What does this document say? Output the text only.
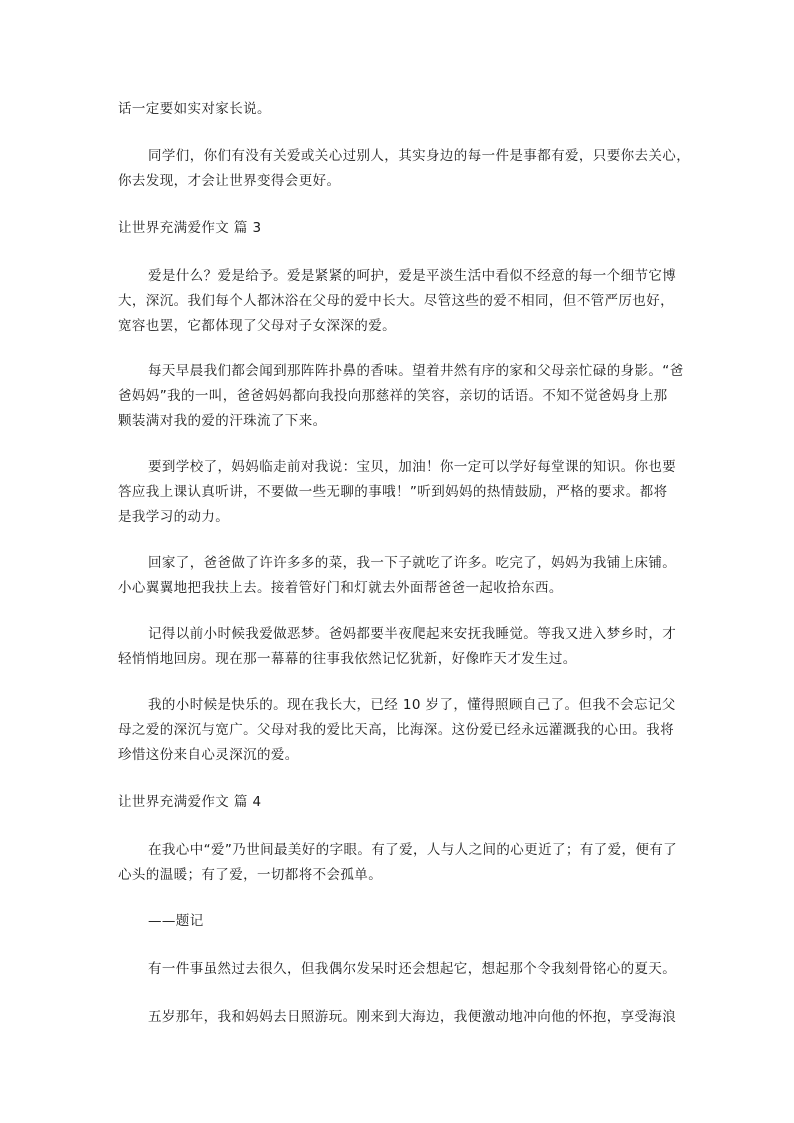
话一定要如实对家长说。
同学们，你们有没有关爱或关心过别人，其实身边的每一件是事都有爱，只要你去关心，
你去发现，才会让世界变得会更好。
让世界充满爱作文 篇 3
爱是什么？爱是给予。爱是紧紧的呵护，爱是平淡生活中看似不经意的每一个细节它博
大，深沉。我们每个人都沐浴在父母的爱中长大。尽管这些的爱不相同，但不管严厉也好，
宽容也罢，它都体现了父母对子女深深的爱。
每天早晨我们都会闻到那阵阵扑鼻的香味。望着井然有序的家和父母亲忙碌的身影。“爸
爸妈妈”我的一叫，爸爸妈妈都向我投向那慈祥的笑容，亲切的话语。不知不觉爸妈身上那
颗装满对我的爱的汗珠流了下来。
要到学校了，妈妈临走前对我说：宝贝，加油！你一定可以学好每堂课的知识。你也要
答应我上课认真听讲，不要做一些无聊的事哦！”听到妈妈的热情鼓励，严格的要求。都将
是我学习的动力。
回家了，爸爸做了许许多多的菜，我一下子就吃了许多。吃完了，妈妈为我铺上床铺。
小心翼翼地把我扶上去。接着管好门和灯就去外面帮爸爸一起收拾东西。
记得以前小时候我爱做恶梦。爸妈都要半夜爬起来安抚我睡觉。等我又进入梦乡时，才
轻悄悄地回房。现在那一幕幕的往事我依然记忆犹新，好像昨天才发生过。
我的小时候是快乐的。现在我长大，已经 10 岁了，懂得照顾自己了。但我不会忘记父
母之爱的深沉与宽广。父母对我的爱比天高，比海深。这份爱已经永远灌溉我的心田。我将
珍惜这份来自心灵深沉的爱。
让世界充满爱作文 篇 4
在我心中“爱”乃世间最美好的字眼。有了爱，人与人之间的心更近了；有了爱，便有了
心头的温暖；有了爱，一切都将不会孤单。
——题记
有一件事虽然过去很久，但我偶尔发呆时还会想起它，想起那个令我刻骨铭心的夏天。
五岁那年，我和妈妈去日照游玩。刚来到大海边，我便激动地冲向他的怀抱，享受海浪
